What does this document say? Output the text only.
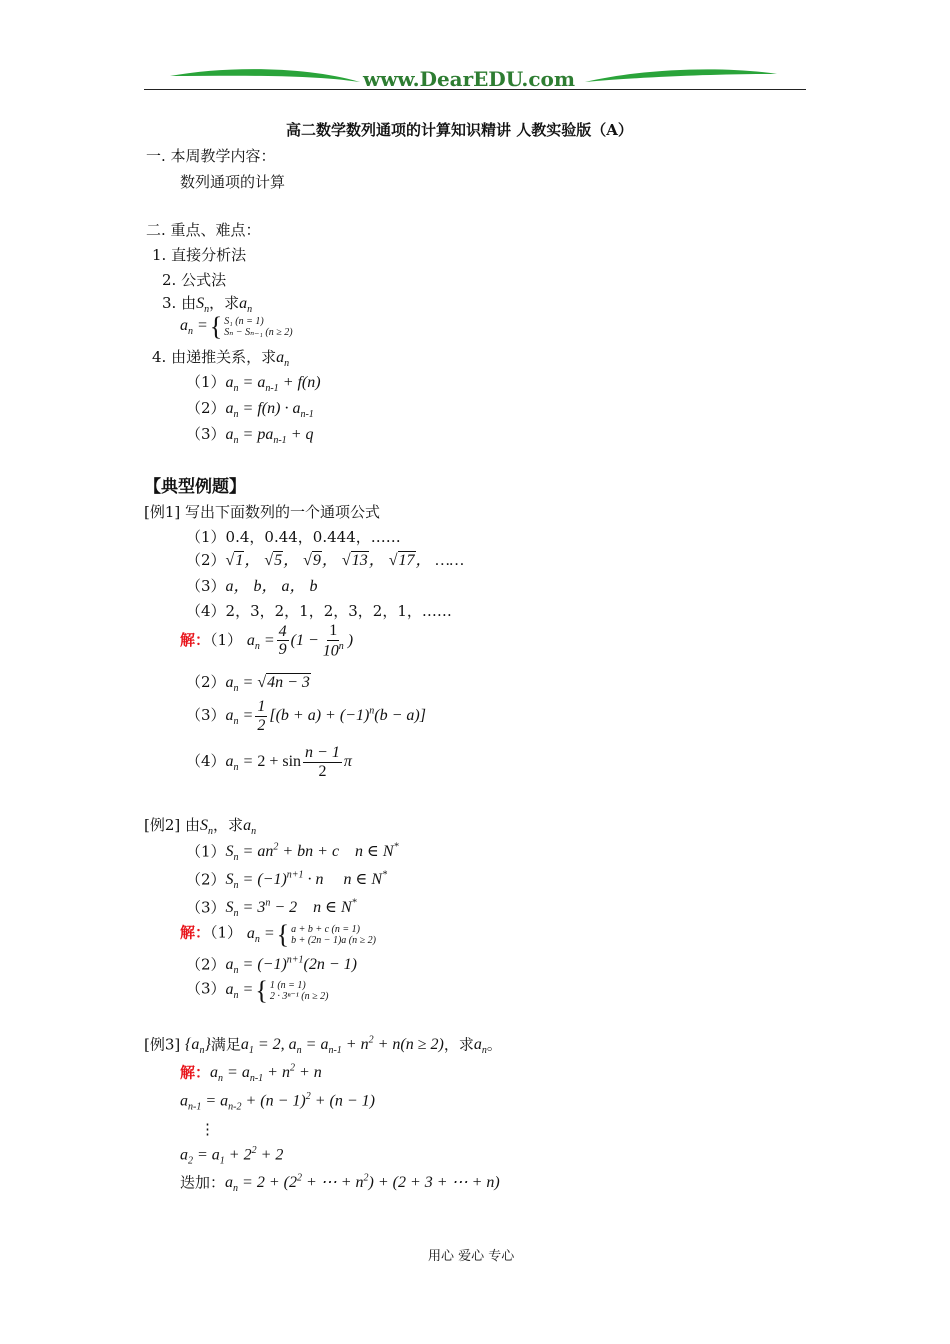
www.DearEDU.com
高二数学数列通项的计算知识精讲 人教实验版（A）
一. 本周教学内容：
数列通项的计算
二. 重点、难点：
1. 直接分析法
2. 公式法
3. 由$S_n$，求$a_n$
$a_n$ = { S₁ (n = 1)
Sₙ − Sₙ₋₁ (n ≥ 2)
4. 由递推关系，求$a_n$
$(1)a_n = a_{n-1} + f(n)$
$(2)a_n = f(n) \cdot a_{n-1}$
$(3)a_n = pa_{n-1} + q$
【典型例题】
[例1] 写出下面数列的一个通项公式
（1）0.4，0.44，0.444，……
（2）√1， √5， √9， √13， √17， ……
（3）a， b， a， b
（4）2，3，2，1，2，3，2，1，……
解：（1） $a_n = \frac{4}{9} (1 - \frac{1}{10^n}$ )
$(2)a_n = √4n - 3$
$(3)a_n = \frac{1}{2} [(b + a) + (-1)^n(b - a)]$
$(4)a_n = 2 + \sin \frac{n - 1}{2}$ π
[例2] 由$S_n$，求$a_n$
$(1)S_n = an^2$ + bn + c    n ∈ N*
$(2)S_n = (-1)^{n+1} \cdot n$     n ∈ N*
$(3)S_n = 3^n - 2$    n ∈ N*
解：（1） $a_n$ = { a + b + c (n = 1)
b + (2n − 1)a (n ≥ 2)
$(2)a_n = (-1)^{n+1}(2n - 1)$
（3） $a_n$ = { 1 (n = 1)
2 · 3ⁿ⁻¹ (n ≥ 2)
[例3] $\{a_n\}$满足$a_1 = 2$, $a_n = a_{n-1} + n^2 + n(n \ge 2)$，求$a_n$。
解：$a_n = a_{n-1} + n^2 + n$
$a_{n-1} = a_{n-2} + (n - 1)^2 + (n - 1)$
⋮
$a_2 = a_1 + 2^2 + 2$
迭加：$a_n = 2 + (2^2$ + ⋯ + $n^2) + (2 + 3$ + ⋯ + n)
用心 爱心 专心
